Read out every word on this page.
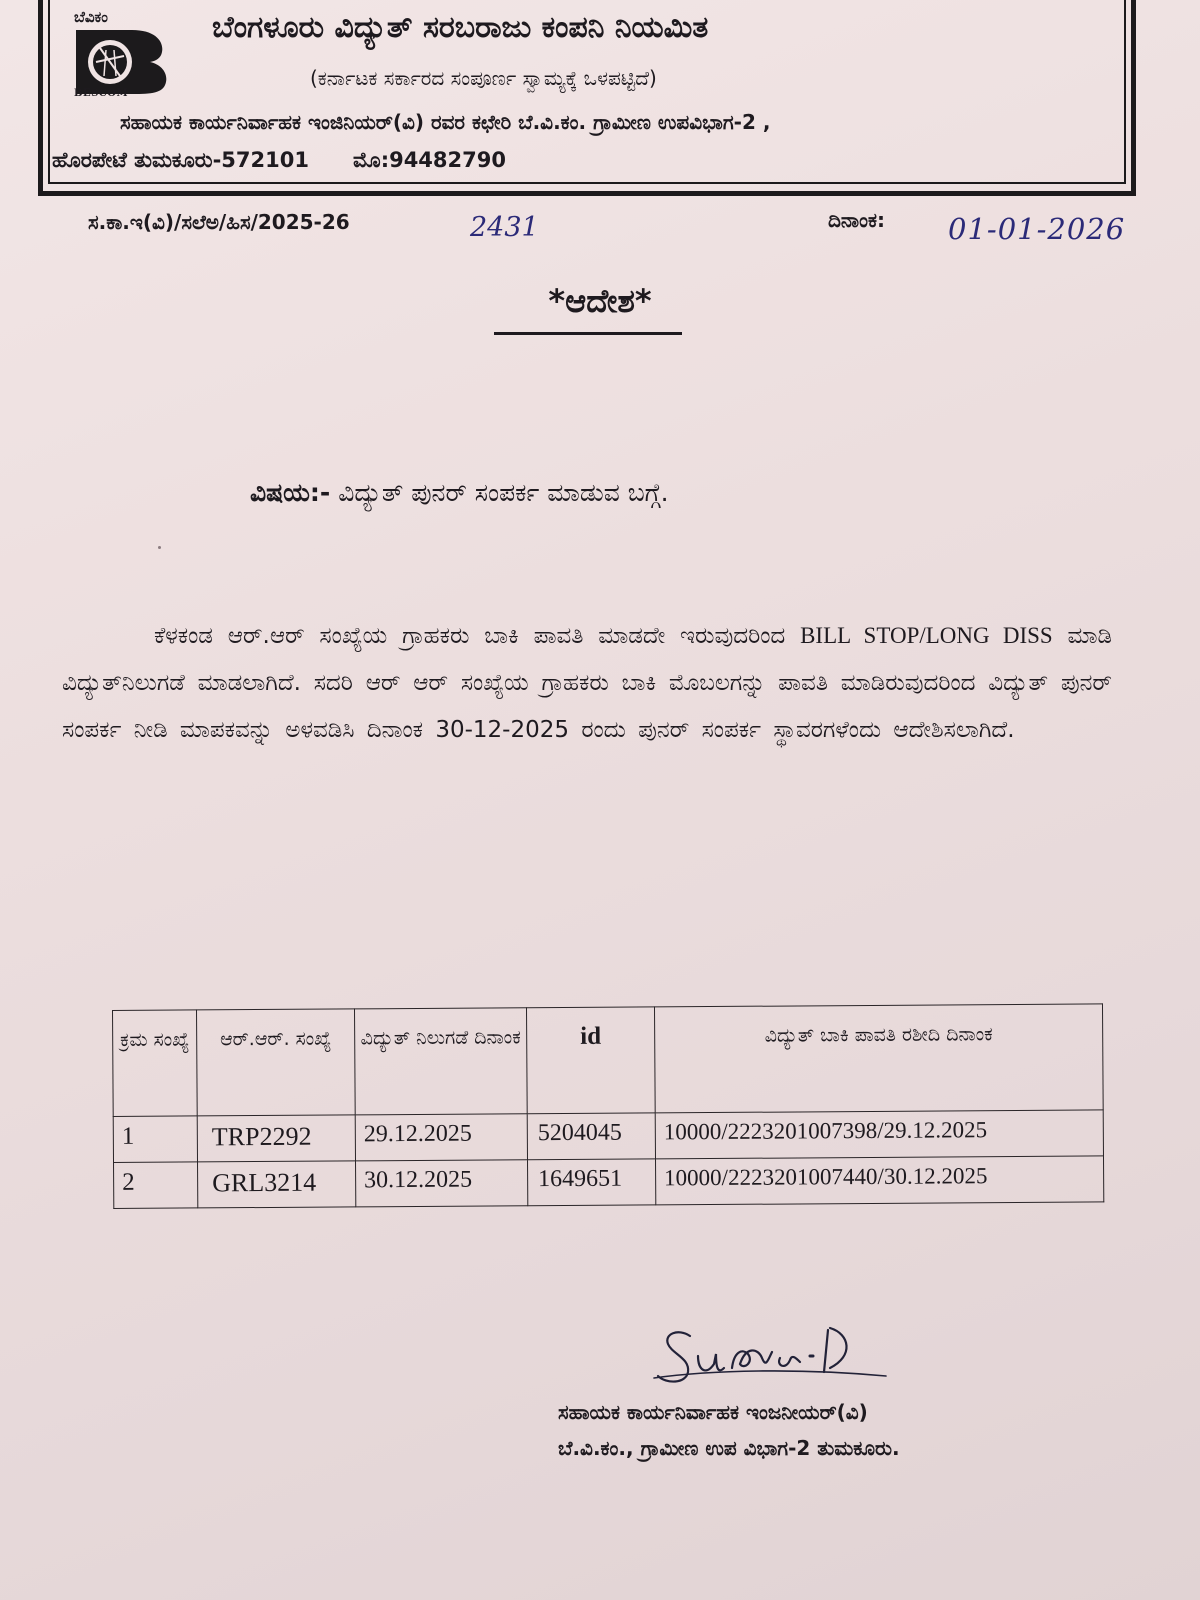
ಬೆವಿಕಂ
BESCOM
ಬೆಂಗಳೂರು ವಿದ್ಯುತ್ ಸರಬರಾಜು ಕಂಪನಿ ನಿಯಮಿತ
(ಕರ್ನಾಟಕ ಸರ್ಕಾರದ ಸಂಪೂರ್ಣ ಸ್ವಾಮ್ಯಕ್ಕೆ ಒಳಪಟ್ಟಿದೆ)
ಸಹಾಯಕ ಕಾರ್ಯನಿರ್ವಾಹಕ ಇಂಜಿನಿಯರ್(ವಿ) ರವರ ಕಛೇರಿ ಬೆ.ವಿ.ಕಂ. ಗ್ರಾಮೀಣ ಉಪವಿಭಾಗ-2 ,
ಹೊರಪೇಟೆ ತುಮಕೂರು-572101 ಮೊ:94482790
ಸ.ಕಾ.ಇ(ವಿ)/ಸಲೆಅ/ಹಿಸ/2025-26	2431	ದಿನಾಂಕ: 01-01-2026
*ಆದೇಶ*
ವಿಷಯ:- ವಿದ್ಯುತ್ ಪುನರ್ ಸಂಪರ್ಕ ಮಾಡುವ ಬಗ್ಗೆ.
ಕೆಳಕಂಡ ಆರ್.ಆರ್ ಸಂಖ್ಯೆಯ ಗ್ರಾಹಕರು ಬಾಕಿ ಪಾವತಿ ಮಾಡದೇ ಇರುವುದರಿಂದ BILL STOP/LONG DISS ಮಾಡಿ ವಿದ್ಯುತ್‌ನಿಲುಗಡೆ ಮಾಡಲಾಗಿದೆ. ಸದರಿ ಆರ್ ಆರ್ ಸಂಖ್ಯೆಯ ಗ್ರಾಹಕರು ಬಾಕಿ ಮೊಬಲಗನ್ನು ಪಾವತಿ ಮಾಡಿರುವುದರಿಂದ ವಿದ್ಯುತ್ ಪುನರ್ ಸಂಪರ್ಕ ನೀಡಿ ಮಾಪಕವನ್ನು ಅಳವಡಿಸಿ ದಿನಾಂಕ 30-12-2025 ರಂದು ಪುನರ್ ಸಂಪರ್ಕ ಸ್ಥಾವರಗಳೆಂದು ಆದೇಶಿಸಲಾಗಿದೆ.
ಕ್ರಮ ಸಂಖ್ಯೆ	ಆರ್.ಆರ್. ಸಂಖ್ಯೆ	ವಿದ್ಯುತ್ ನಿಲುಗಡೆ ದಿನಾಂಕ	id	ವಿದ್ಯುತ್ ಬಾಕಿ ಪಾವತಿ ರಶೀದಿ ದಿನಾಂಕ
1	TRP2292	29.12.2025	5204045	10000/2223201007398/29.12.2025
2	GRL3214	30.12.2025	1649651	10000/2223201007440/30.12.2025
ಸಹಾಯಕ ಕಾರ್ಯನಿರ್ವಾಹಕ ಇಂಜನೀಯರ್(ವಿ)
ಬೆ.ವಿ.ಕಂ., ಗ್ರಾಮೀಣ ಉಪ ವಿಭಾಗ-2 ತುಮಕೂರು.
